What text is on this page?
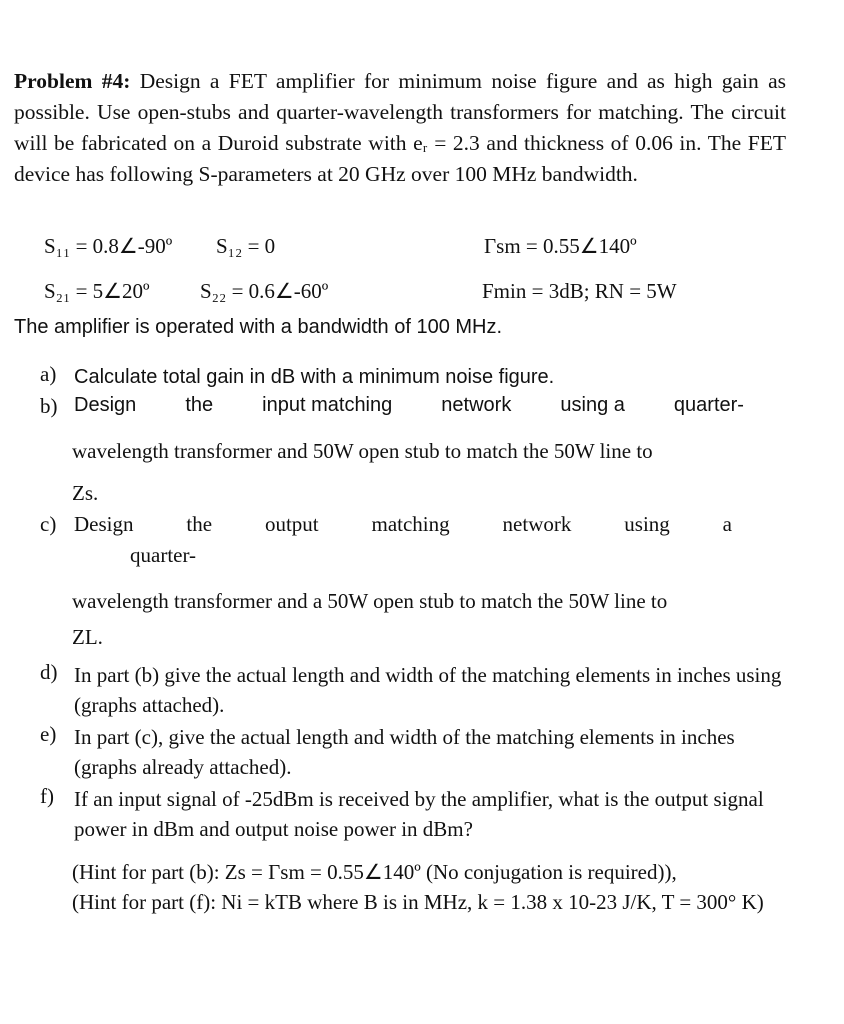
Problem #4: Design a FET amplifier for minimum noise figure and as high gain as possible. Use open-stubs and quarter-wavelength transformers for matching. The circuit will be fabricated on a Duroid substrate with eᵣ = 2.3 and thickness of 0.06 in. The FET device has following S-parameters at 20 GHz over 100 MHz bandwidth.

S₁₁ = 0.8∠-90º S₁₂ = 0	Γsm = 0.55∠140º
S₂₁ = 5∠20º S₂₂ = 0.6∠-60º	Fmin = 3dB; RN = 5W

The amplifier is operated with a bandwidth of 100 MHz.

a) Calculate total gain in dB with a minimum noise figure.
b) Design the input matching network using a quarter-
wavelength transformer and 50W open stub to match the 50W line to
Zs.
c) Design	the	output	matching	network	using	a
quarter-
wavelength transformer and a 50W open stub to match the 50W line to
ZL.
d) In part (b) give the actual length and width of the matching elements in inches using (graphs attached).
e) In part (c), give the actual length and width of the matching elements in inches (graphs already attached).
f) If an input signal of -25dBm is received by the amplifier, what is the output signal power in dBm and output noise power in dBm?
(Hint for part (b): Zs = Γsm = 0.55∠140º (No conjugation is required)),
(Hint for part (f): Ni = kTB where B is in MHz, k = 1.38 x 10-23 J/K, T = 300° K)
